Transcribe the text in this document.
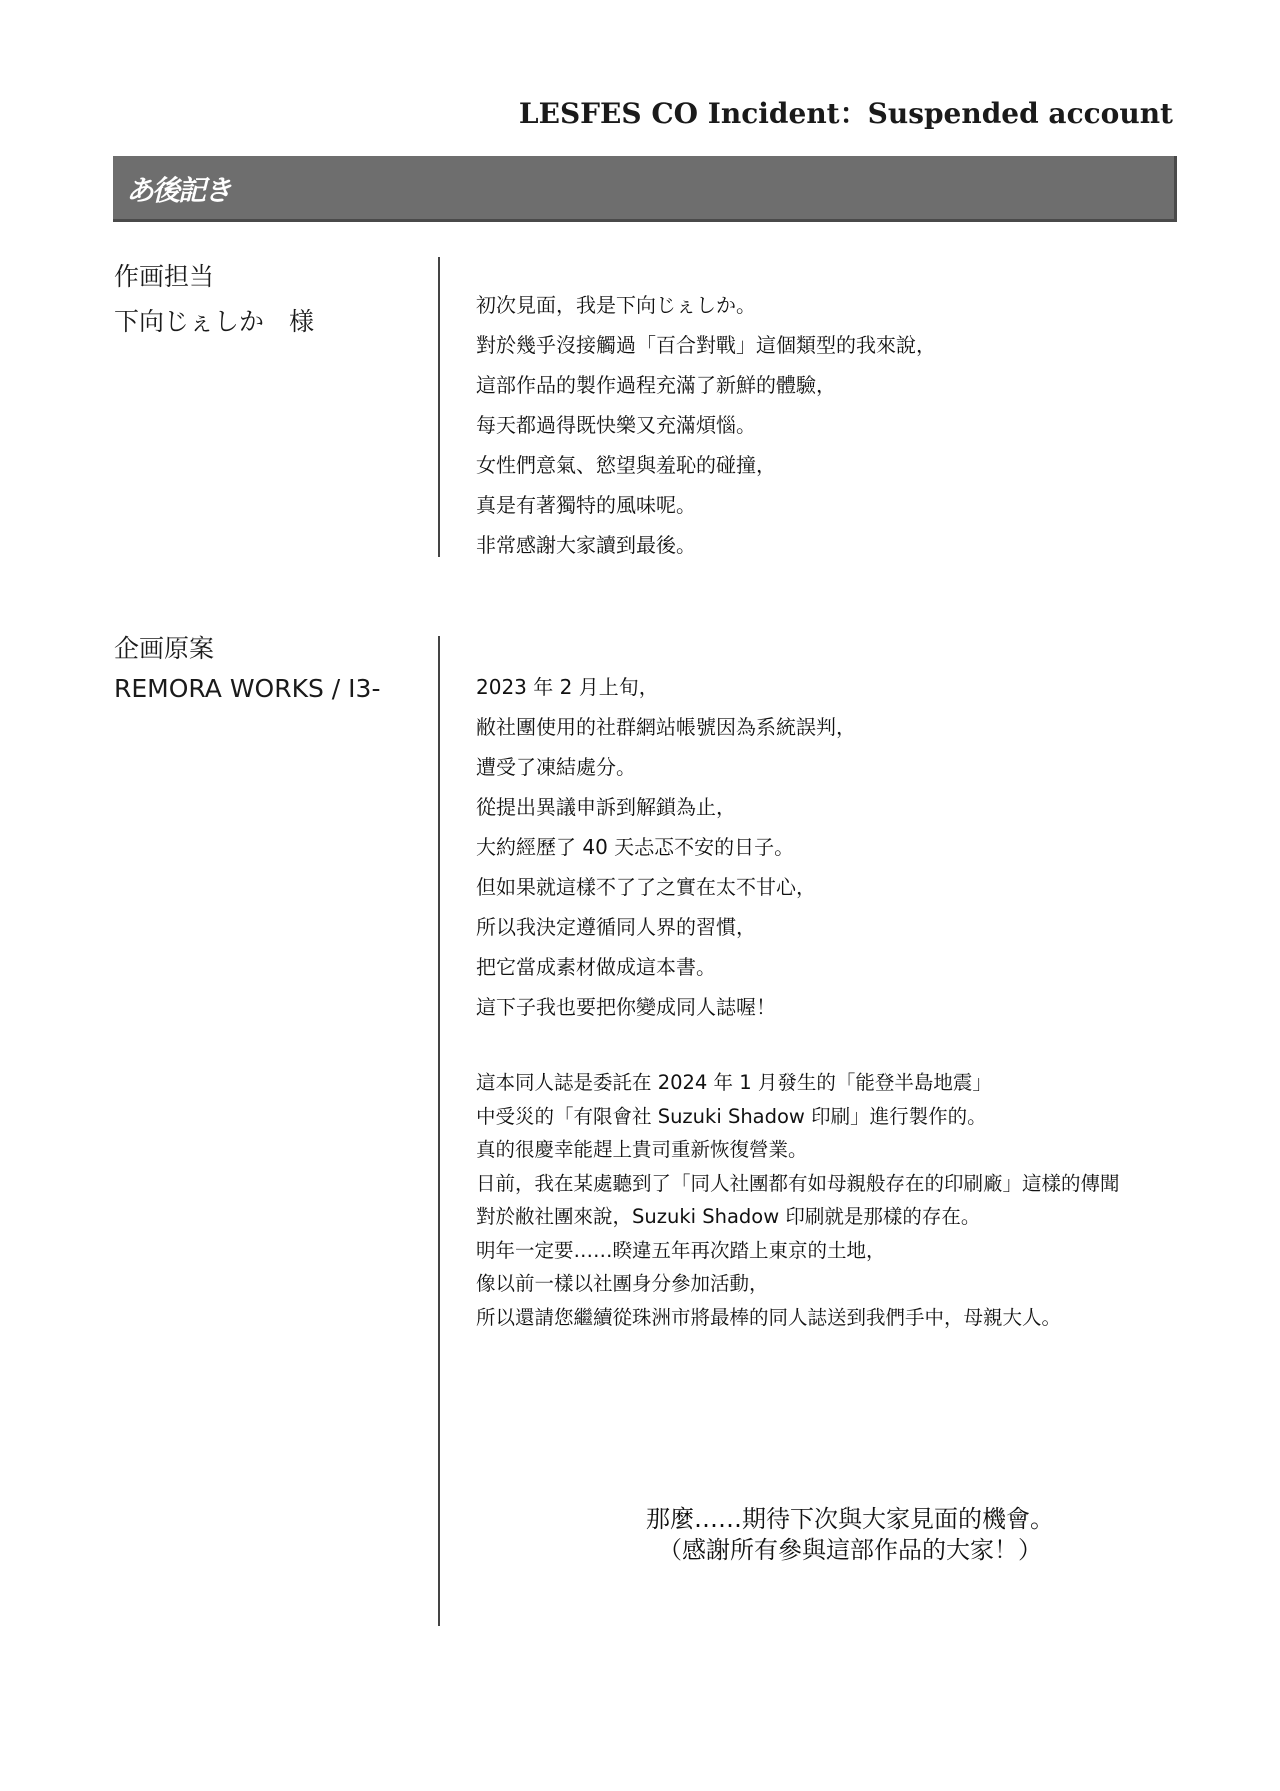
LESFES CO Incident：Suspended account
あ後記き
作画担当
下向じぇしか　様
企画原案
REMORA WORKS / I3-
初次見面，我是下向じぇしか。
對於幾乎沒接觸過「百合對戰」這個類型的我來說，
這部作品的製作過程充滿了新鮮的體驗，
每天都過得既快樂又充滿煩惱。
女性們意氣、慾望與羞恥的碰撞，
真是有著獨特的風味呢。
非常感謝大家讀到最後。
2023 年 2 月上旬，
敝社團使用的社群網站帳號因為系統誤判，
遭受了凍結處分。
從提出異議申訴到解鎖為止，
大約經歷了 40 天忐忑不安的日子。
但如果就這樣不了了之實在太不甘心，
所以我決定遵循同人界的習慣，
把它當成素材做成這本書。
這下子我也要把你變成同人誌喔！
這本同人誌是委託在 2024 年 1 月發生的「能登半島地震」
中受災的「有限會社 Suzuki Shadow 印刷」進行製作的。
真的很慶幸能趕上貴司重新恢復營業。
日前，我在某處聽到了「同人社團都有如母親般存在的印刷廠」這樣的傳聞
對於敝社團來說，Suzuki Shadow 印刷就是那樣的存在。
明年一定要……睽違五年再次踏上東京的土地，
像以前一樣以社團身分參加活動，
所以還請您繼續從珠洲市將最棒的同人誌送到我們手中，母親大人。
那麼……期待下次與大家見面的機會。
（感謝所有參與這部作品的大家！）
